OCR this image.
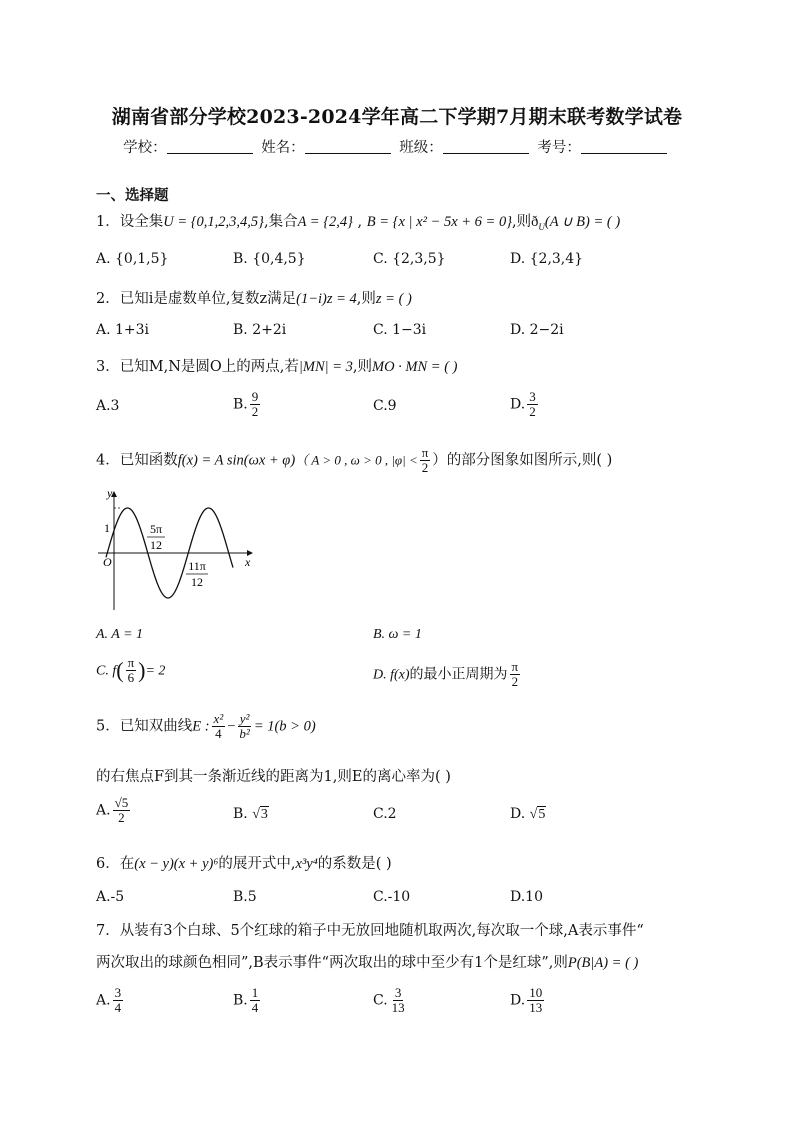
湖南省部分学校2023-2024学年高二下学期7月期末联考数学试卷
学校：	姓名：	班级：	考号：
一、选择题
1．设全集U = {0,1,2,3,4,5},集合A = {2,4} , B = {x | x² − 5x + 6 = 0},则$ð_U(A$ ∪ B) = ( )
A. {0,1,5}	B. {0,4,5}	C. {2,3,5}	D. {2,3,4}
2．已知i是虚数单位,复数z满足(1−i)z = 4,则z = ( )
A. 1+3i	B. 2+2i	C. 1−3i	D. 2−2i
3．已知M,N是圆O上的两点,若|MN| = 3,则MO · MN = ( )
A.3	B. $\frac{9}{2}$	C.9	D. $\frac{3}{2}$
4．已知函数f(x) = A sin(ωx + φ)（ A > 0 , ω > 0 , $|\varphi| < \frac{\pi}{2}$ ）的部分图象如图所示,则( )
y
x
O
1	5π
12
11π
12
A. A = 1	B. ω = 1
C. $f( \frac{\pi}{6}$ )= 2	D. f(x)的最小正周期为 $\frac{\pi}{2}$
5．已知双曲线E : $\frac{\text{x²}}{4} - \frac{\text{y²}}{\text{b²}} = 1(b > 0)$
的右焦点F到其一条渐近线的距离为1,则E的离心率为( )
A. $\frac{√5}{2}$	B. √3	C.2	D. √5
6．在(x − y)(x + y)⁶的展开式中,x³y⁴的系数是( )
A.-5	B.5	C.-10	D.10
7．从装有3个白球、5个红球的箱子中无放回地随机取两次,每次取一个球,A表示事件“
两次取出的球颜色相同”,B表示事件“两次取出的球中至少有1个是红球”,则P(B|A) = ( )
A. $\frac{3}{4}$	B. $\frac{1}{4}$	C. $\frac{3}{13}$	D. $\frac{10}{13}$
